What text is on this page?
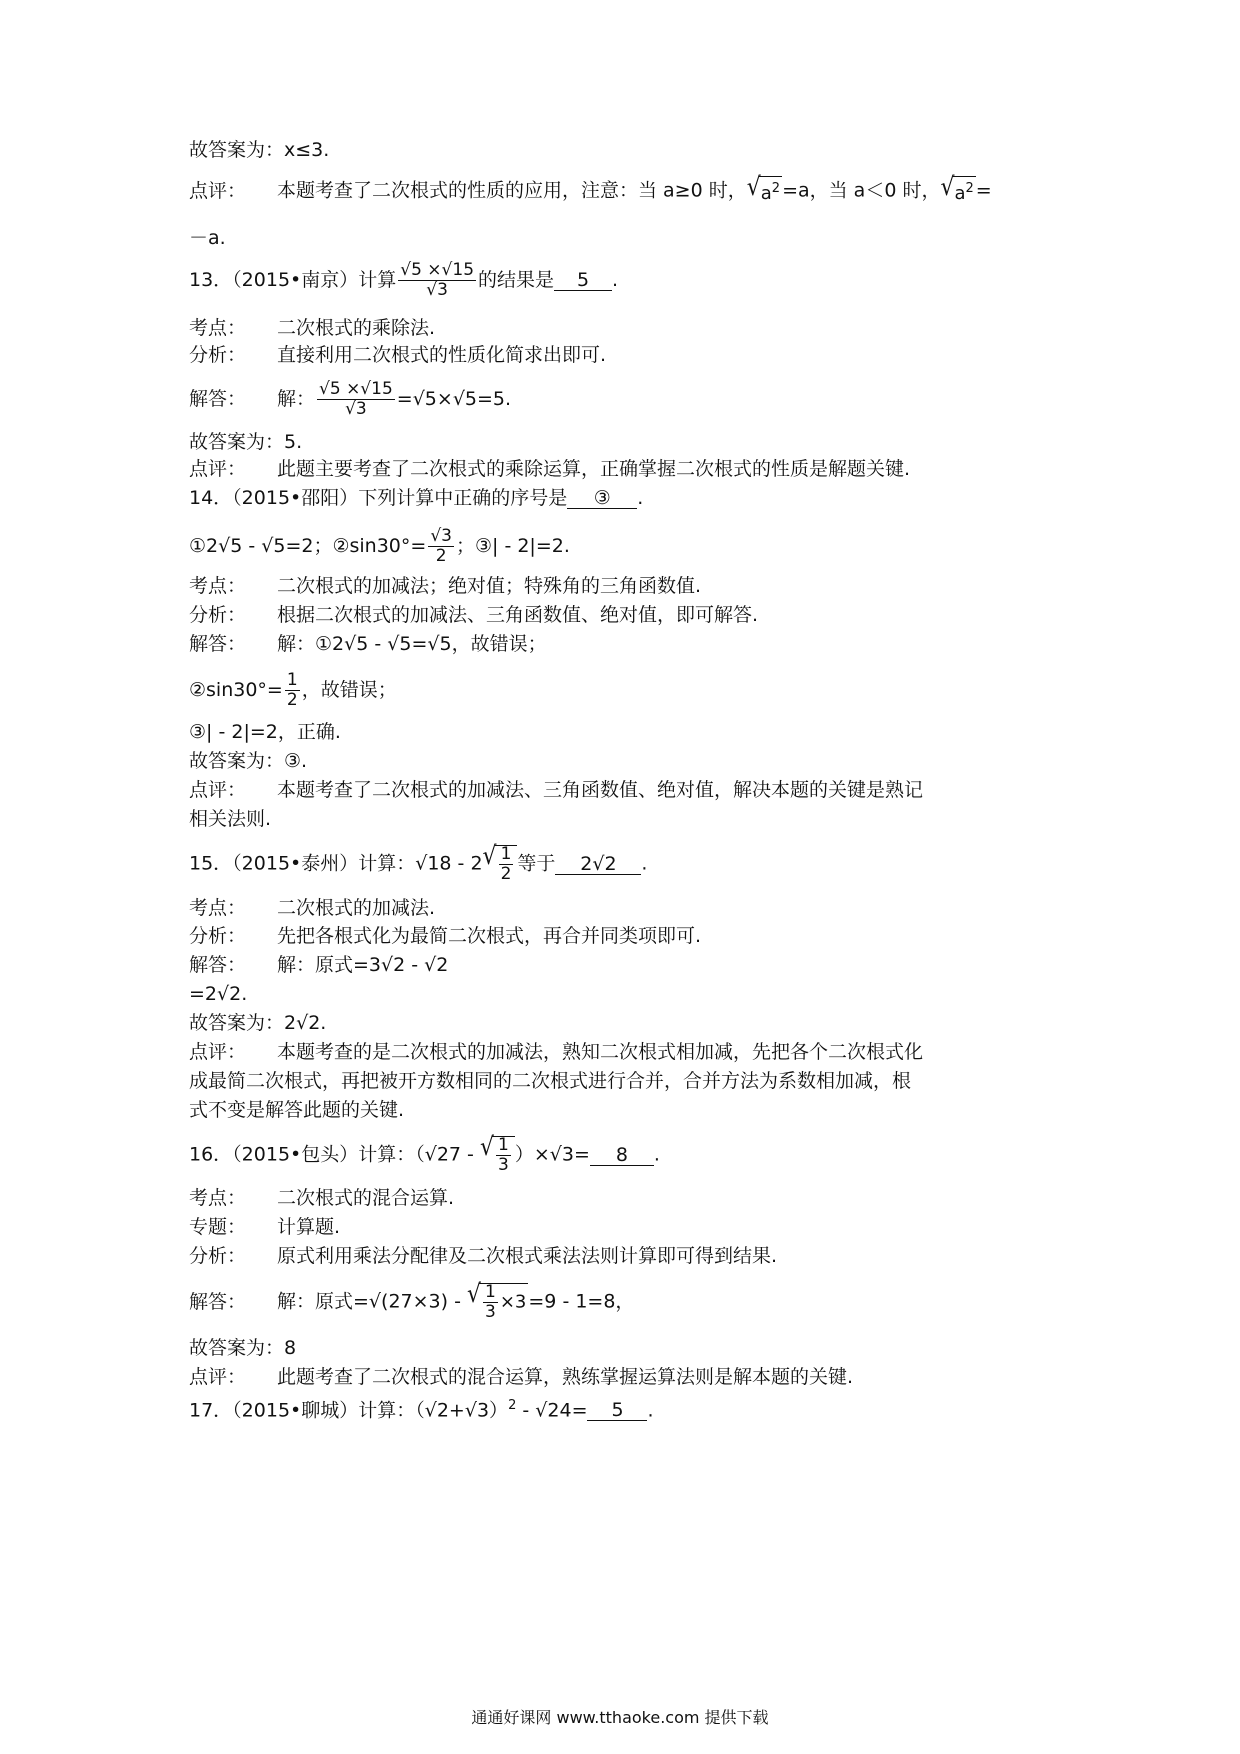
故答案为：x≤3.
点评： 本题考查了二次根式的性质的应用，注意：当 a≥0 时，$√a^2 =a$，当 a＜0 时，$√a^2$ =
－a.
13．（2015•南京）计算 $\frac{√5 \times√15}{√3}$ 的结果是 5 .
考点： 二次根式的乘除法.
分析： 直接利用二次根式的性质化简求出即可.
解答： 解： $\frac{√5 \times√15}{√3} =√5\times√5=5$.
故答案为：5.
点评： 此题主要考查了二次根式的乘除运算，正确掌握二次根式的性质是解题关键.
14．（2015•邵阳）下列计算中正确的序号是 ③ .
①2√5 - √5=2；②sin30°= $\frac{√3}{2}$ ；③| - 2|=2.
考点： 二次根式的加减法；绝对值；特殊角的三角函数值.
分析： 根据二次根式的加减法、三角函数值、绝对值，即可解答.
解答： 解：①2√5 - √5=√5，故错误；
②sin30°= $\frac{1}{2}$ ，故错误；
③| - 2|=2，正确.
故答案为：③.
点评： 本题考查了二次根式的加减法、三角函数值、绝对值，解决本题的关键是熟记
相关法则.
15．（2015•泰州）计算：$√18 - 2√ \frac{1}{2}$ 等于 2√2 .
考点： 二次根式的加减法.
分析： 先把各根式化为最简二次根式，再合并同类项即可.
解答： 解：原式=3√2 - √2
=2√2.
故答案为：2√2.
点评： 本题考查的是二次根式的加减法，熟知二次根式相加减，先把各个二次根式化
成最简二次根式，再把被开方数相同的二次根式进行合并，合并方法为系数相加减，根
式不变是解答此题的关键.
16．（2015•包头）计算：（√27 - √ $\frac{1}{3} )\times√3= 8$ .
考点： 二次根式的混合运算.
专题： 计算题.
分析： 原式利用乘法分配律及二次根式乘法法则计算即可得到结果.
解答： 解：原式=√(27×3) - √ $\frac{1}{3} \times 3 =9 - 1=8$，
故答案为：8
点评： 此题考查了二次根式的混合运算，熟练掌握运算法则是解本题的关键.
17．（2015•聊城）计算：$(√2+√3)^2 - √24= 5$ .
通通好课网 www.tthaoke.com 提供下载
